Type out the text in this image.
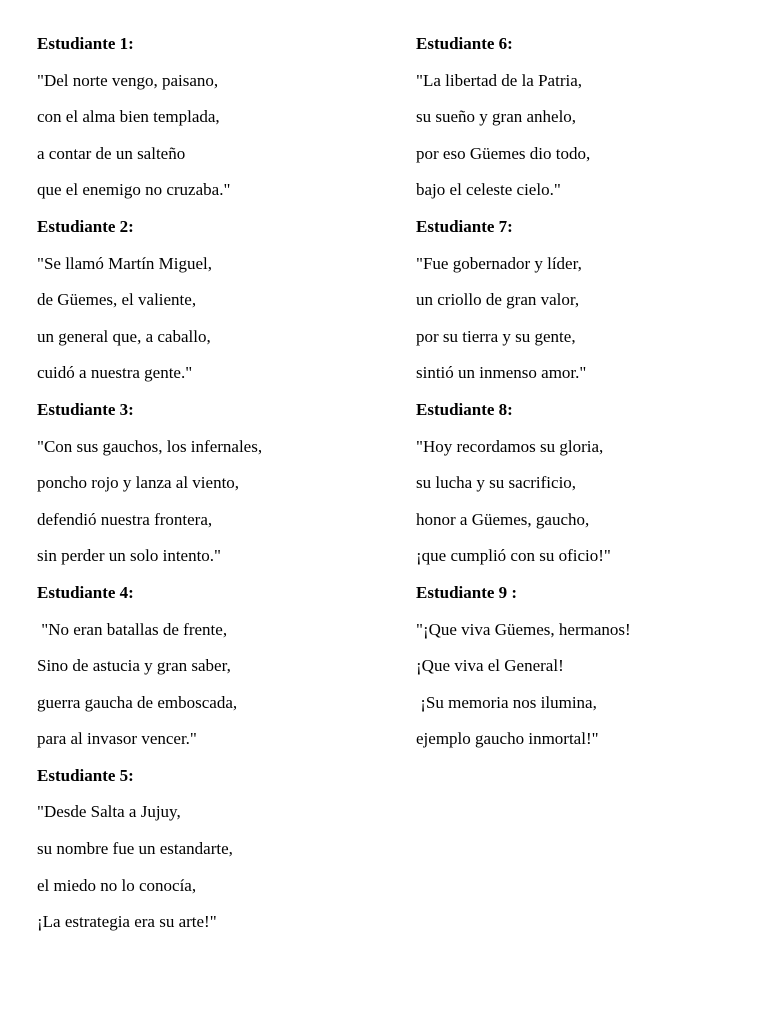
Estudiante 1:
"Del norte vengo, paisano,
con el alma bien templada,
a contar de un salteño
que el enemigo no cruzaba."
Estudiante 2:
"Se llamó Martín Miguel,
de Güemes, el valiente,
un general que, a caballo,
cuidó a nuestra gente."
Estudiante 3:
"Con sus gauchos, los infernales,
poncho rojo y lanza al viento,
defendió nuestra frontera,
sin perder un solo intento."
Estudiante 4:
"No eran batallas de frente,
Sino de astucia y gran saber,
guerra gaucha de emboscada,
para al invasor vencer."
Estudiante 5:
"Desde Salta a Jujuy,
su nombre fue un estandarte,
el miedo no lo conocía,
¡La estrategia era su arte!"
Estudiante 6:
"La libertad de la Patria,
su sueño y gran anhelo,
por eso Güemes dio todo,
bajo el celeste cielo."
Estudiante 7:
"Fue gobernador y líder,
un criollo de gran valor,
por su tierra y su gente,
sintió un inmenso amor."
Estudiante 8:
"Hoy recordamos su gloria,
su lucha y su sacrificio,
honor a Güemes, gaucho,
¡que cumplió con su oficio!"
Estudiante 9 :
"¡Que viva Güemes, hermanos!
¡Que viva el General!
¡Su memoria nos ilumina,
ejemplo gaucho inmortal!"
